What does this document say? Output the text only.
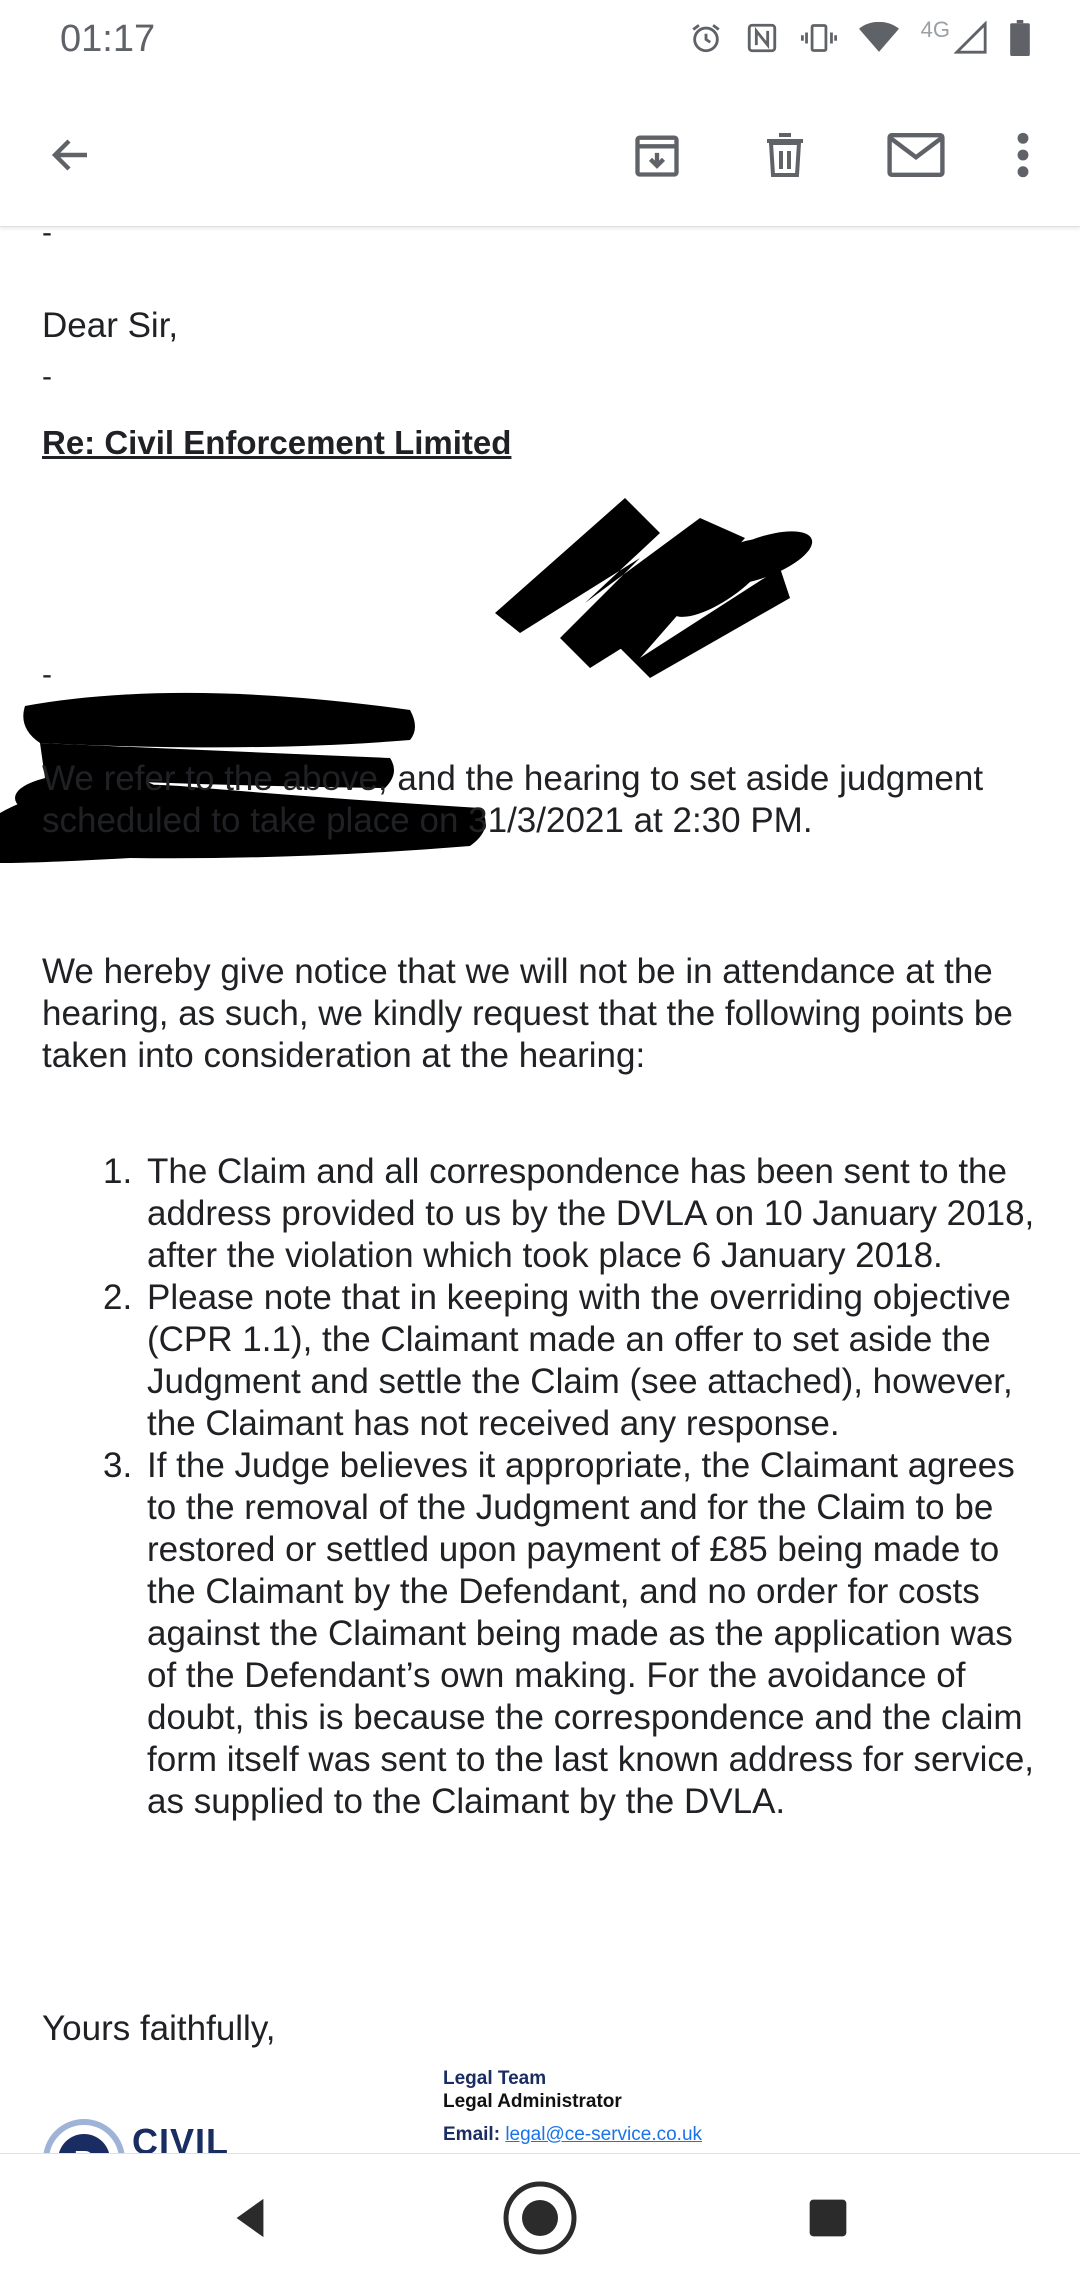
01:17	4G
-

Dear Sir,

-
Re: Civil Enforcement Limited
-

We refer to the above, and the hearing to set aside judgment scheduled to take place on 31/3/2021 at 2:30 PM.

We hereby give notice that we will not be in attendance at the hearing, as such, we kindly request that the following points be taken into consideration at the hearing:

1. The Claim and all correspondence has been sent to the address provided to us by the DVLA on 10 January 2018, after the violation which took place 6 January 2018.
2. Please note that in keeping with the overriding objective (CPR 1.1), the Claimant made an offer to set aside the Judgment and settle the Claim (see attached), however, the Claimant has not received any response.
3. If the Judge believes it appropriate, the Claimant agrees to the removal of the Judgment and for the Claim to be restored or settled upon payment of £85 being made to the Claimant by the Defendant, and no order for costs against the Claimant being made as the application was of the Defendant’s own making. For the avoidance of doubt, this is because the correspondence and the claim form itself was sent to the last known address for service, as supplied to the Claimant by the DVLA.

Yours faithfully,

Legal Team
Legal Administrator
Email: legal@ce-service.co.uk
CIVIL
